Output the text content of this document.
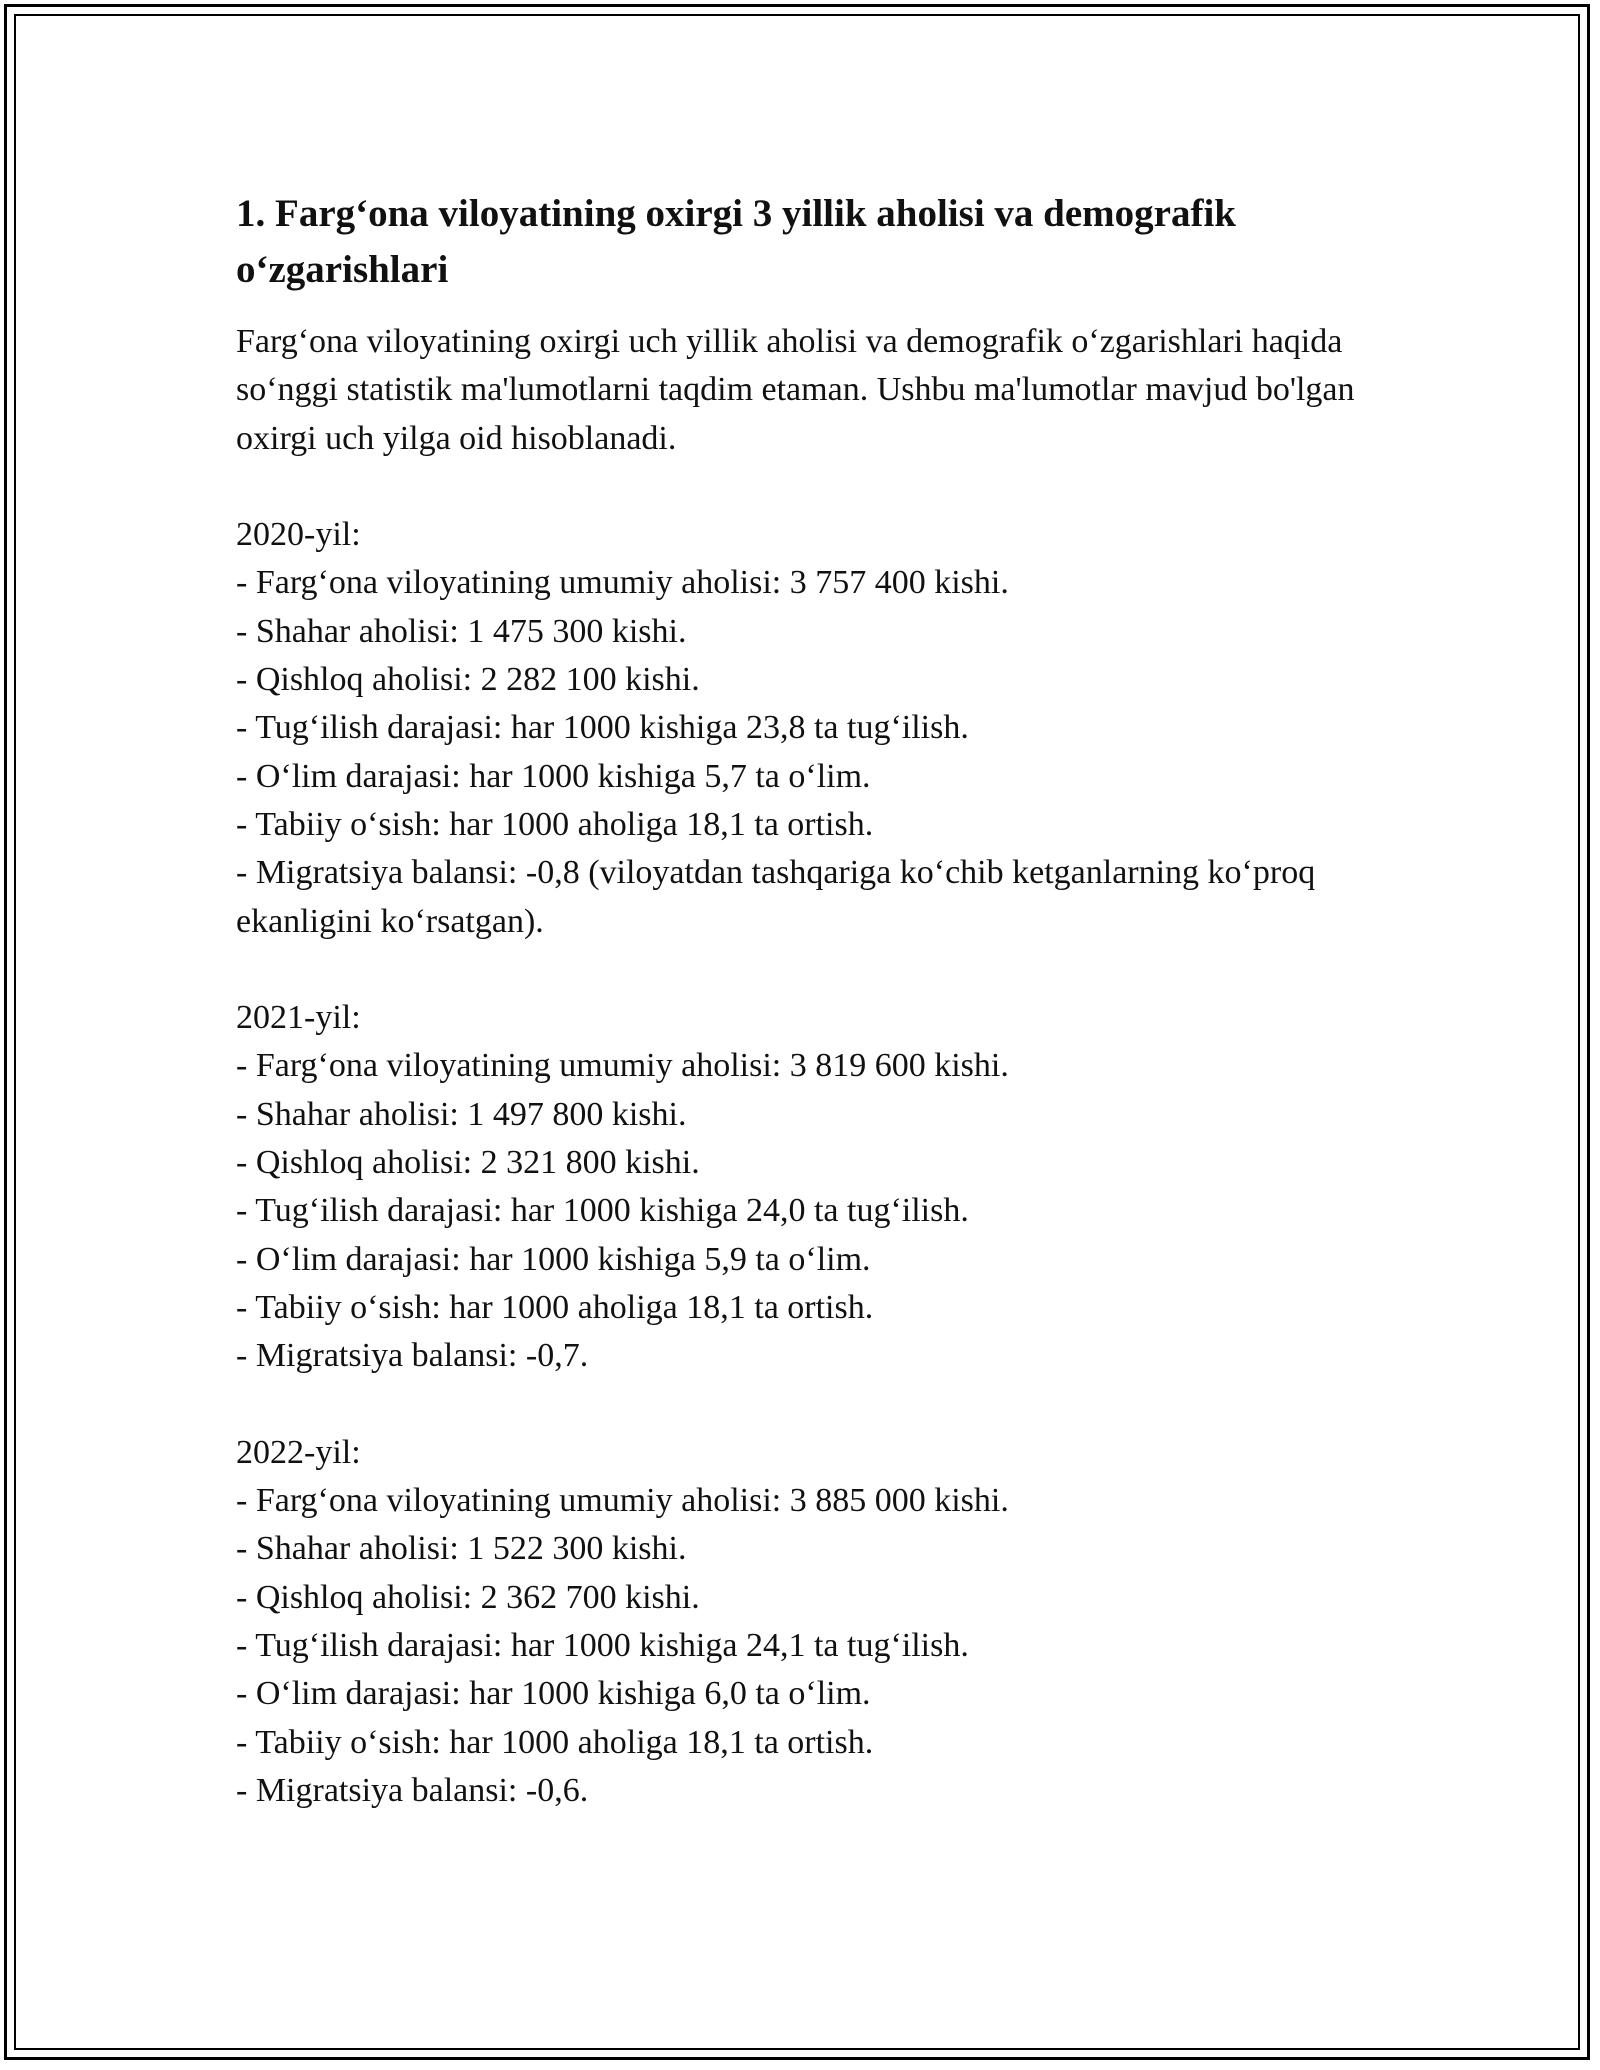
1. Farg‘ona viloyatining oxirgi 3 yillik aholisi va demografik o‘zgarishlari

Farg‘ona viloyatining oxirgi uch yillik aholisi va demografik o‘zgarishlari haqida so‘nggi statistik ma'lumotlarni taqdim etaman. Ushbu ma'lumotlar mavjud bo'lgan oxirgi uch yilga oid hisoblanadi.

2020-yil:
- Farg‘ona viloyatining umumiy aholisi: 3 757 400 kishi.
- Shahar aholisi: 1 475 300 kishi.
- Qishloq aholisi: 2 282 100 kishi.
- Tug‘ilish darajasi: har 1000 kishiga 23,8 ta tug‘ilish.
- O‘lim darajasi: har 1000 kishiga 5,7 ta o‘lim.
- Tabiiy o‘sish: har 1000 aholiga 18,1 ta ortish.
- Migratsiya balansi: -0,8 (viloyatdan tashqariga ko‘chib ketganlarning ko‘proq ekanligini ko‘rsatgan).
2021-yil:
- Farg‘ona viloyatining umumiy aholisi: 3 819 600 kishi.
- Shahar aholisi: 1 497 800 kishi.
- Qishloq aholisi: 2 321 800 kishi.
- Tug‘ilish darajasi: har 1000 kishiga 24,0 ta tug‘ilish.
- O‘lim darajasi: har 1000 kishiga 5,9 ta o‘lim.
- Tabiiy o‘sish: har 1000 aholiga 18,1 ta ortish.
- Migratsiya balansi: -0,7.
2022-yil:
- Farg‘ona viloyatining umumiy aholisi: 3 885 000 kishi.
- Shahar aholisi: 1 522 300 kishi.
- Qishloq aholisi: 2 362 700 kishi.
- Tug‘ilish darajasi: har 1000 kishiga 24,1 ta tug‘ilish.
- O‘lim darajasi: har 1000 kishiga 6,0 ta o‘lim.
- Tabiiy o‘sish: har 1000 aholiga 18,1 ta ortish.
- Migratsiya balansi: -0,6.
